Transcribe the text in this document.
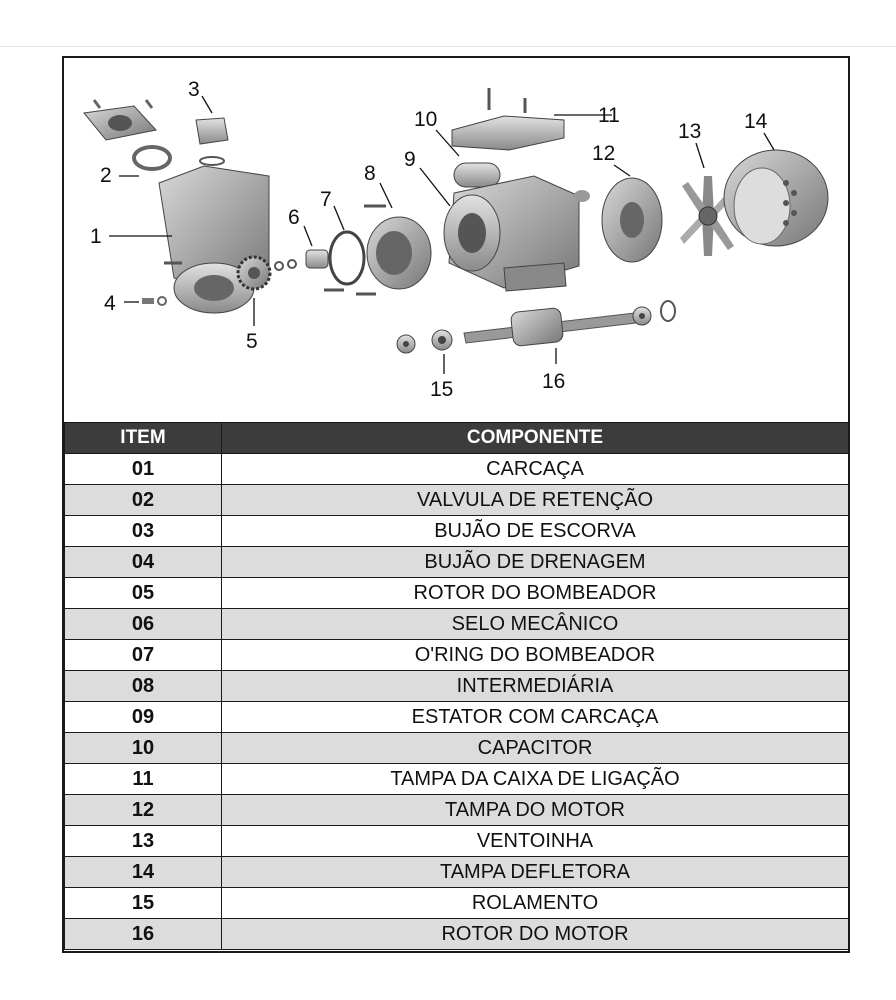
1
2
3
4
5
6
7
8
9
10	11
12
13 14
15	16
ITEM	COMPONENTE
01	CARCAÇA
02	VALVULA DE RETENÇÃO
03	BUJÃO DE ESCORVA
04	BUJÃO DE DRENAGEM
05	ROTOR DO BOMBEADOR
06	SELO MECÂNICO
07	O'RING DO BOMBEADOR
08	INTERMEDIÁRIA
09	ESTATOR COM CARCAÇA
10	CAPACITOR
11	TAMPA DA CAIXA DE LIGAÇÃO
12	TAMPA DO MOTOR
13	VENTOINHA
14	TAMPA DEFLETORA
15	ROLAMENTO
16	ROTOR DO MOTOR
